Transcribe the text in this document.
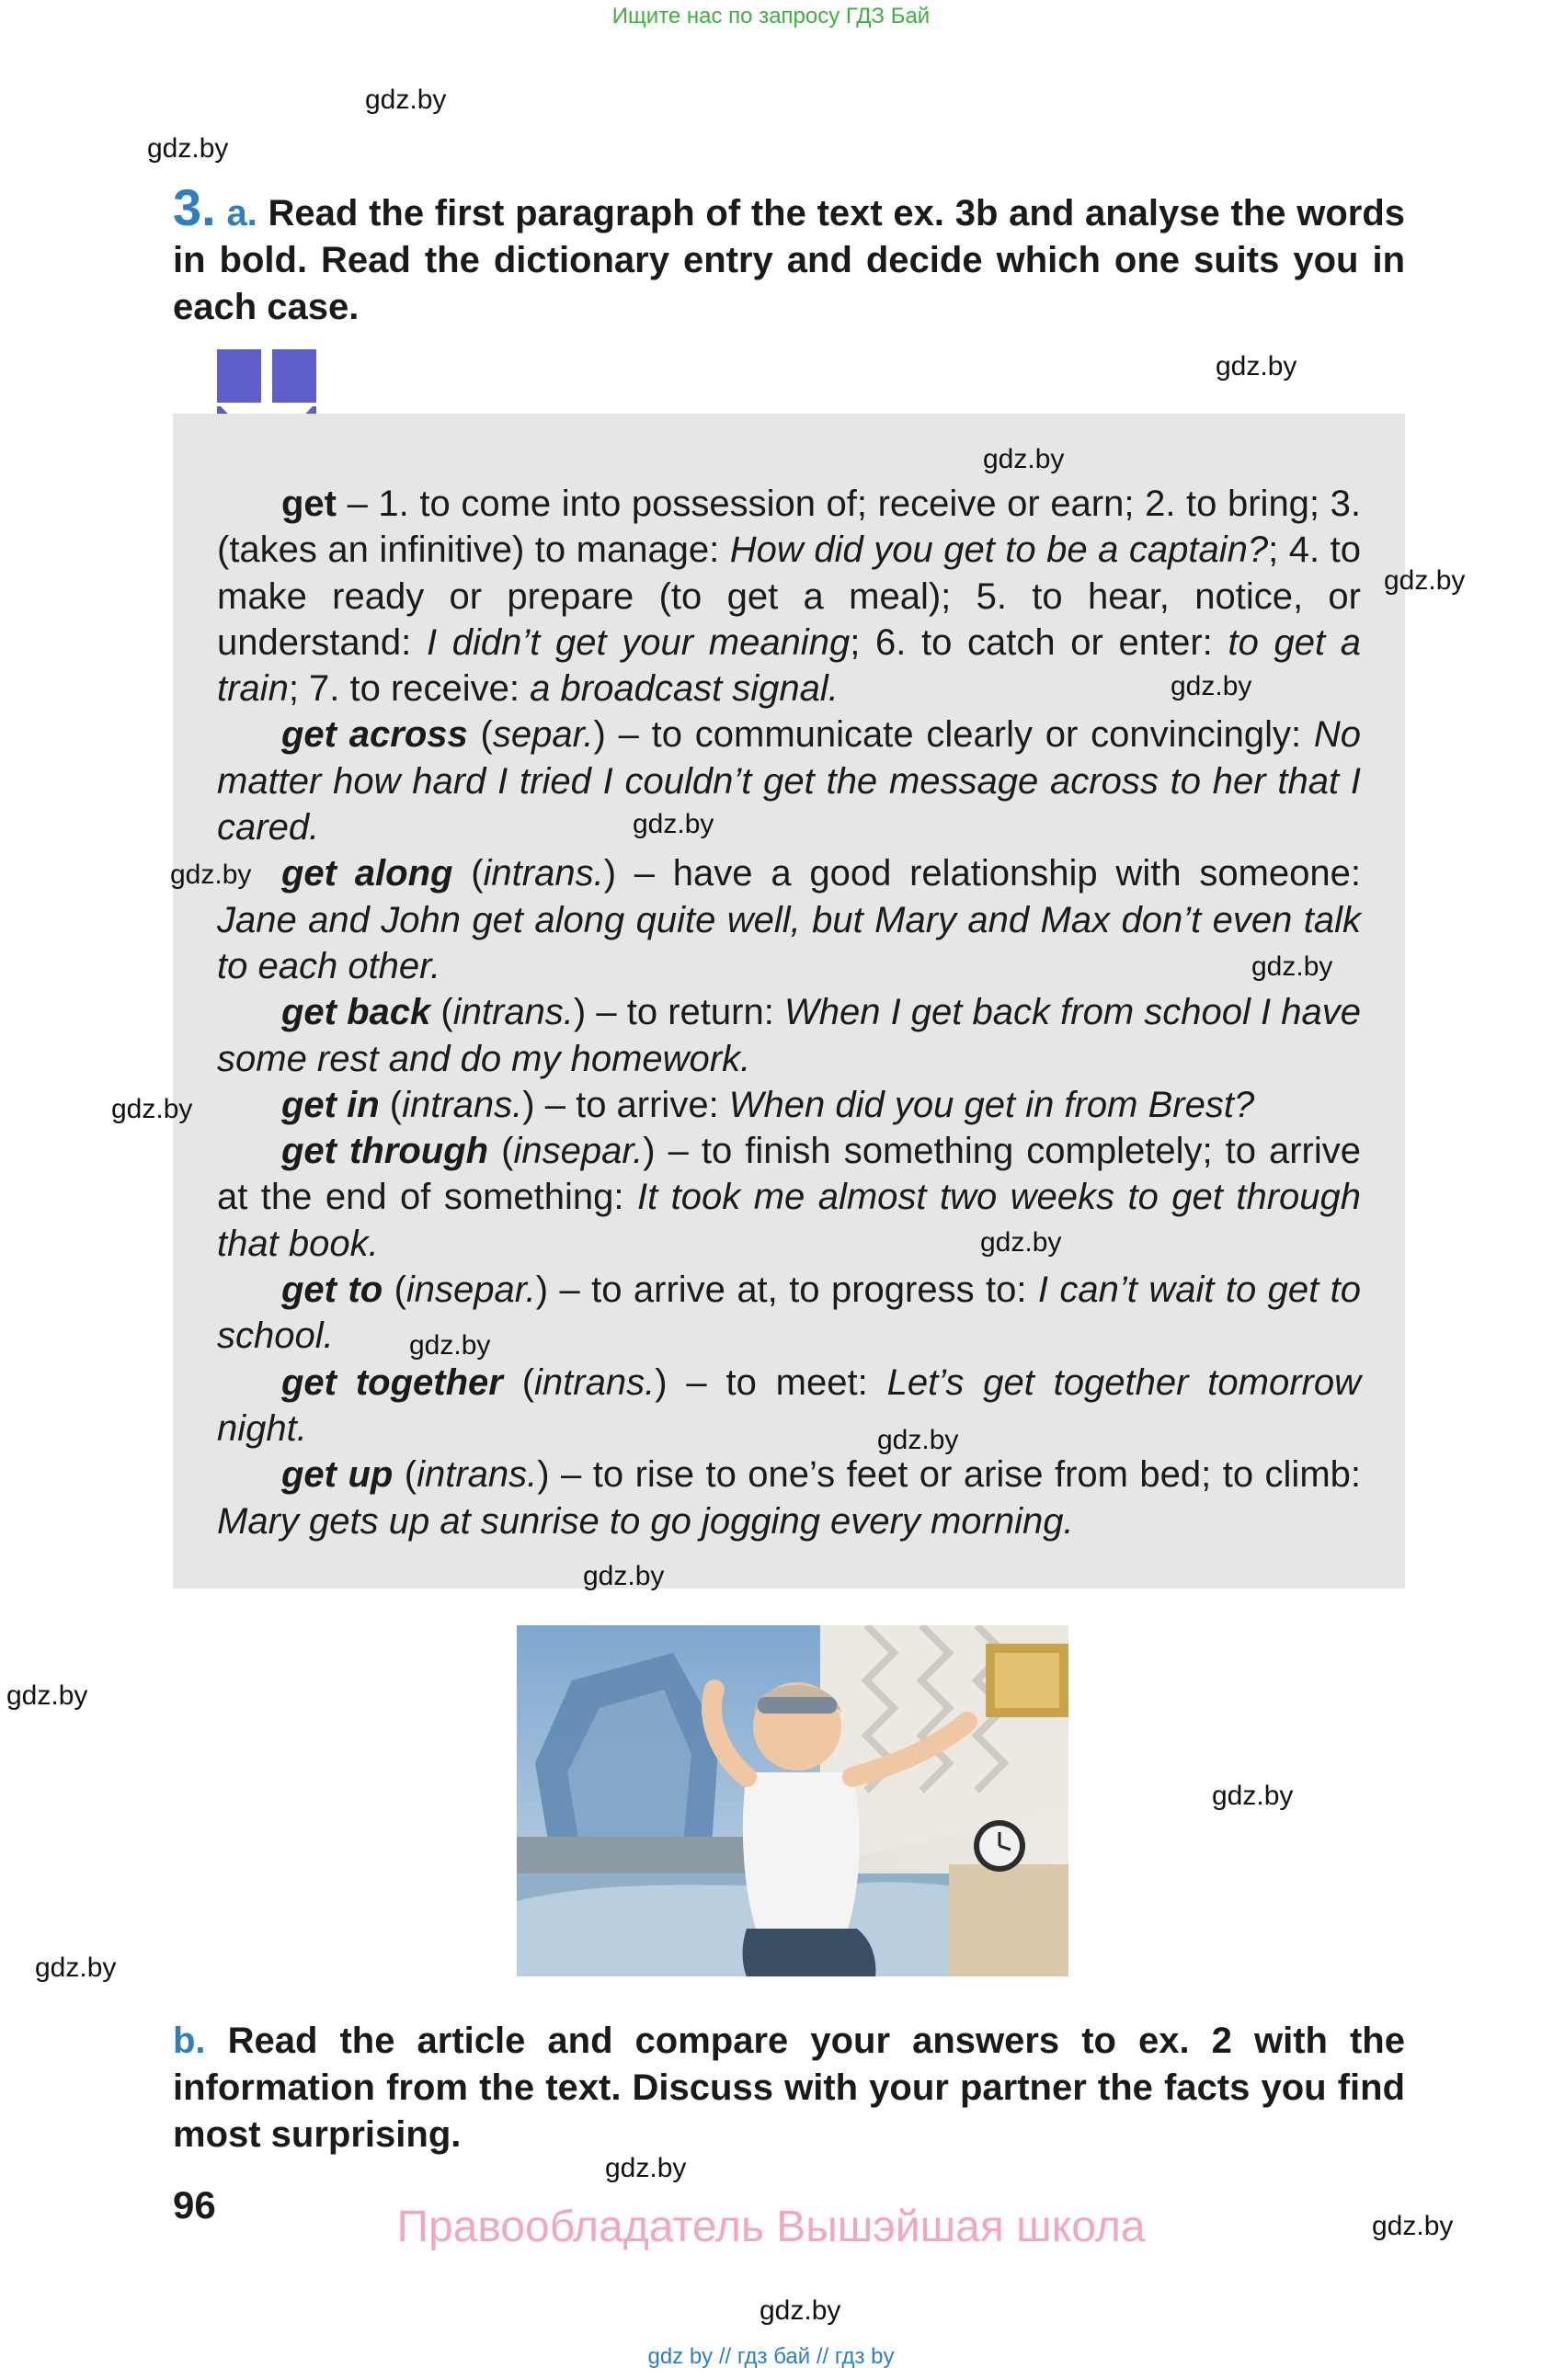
Ищите нас по запросу ГДЗ Бай
gdz.by
gdz.by
3. a. Read the first paragraph of the text ex. 3b and analyse the words in bold. Read the dictionary entry and decide which one suits you in each case.
gdz.by

get – 1. to come into possession of; receive or earn; 2. to bring; 3. (takes an infinitive) to manage: How did you get to be a captain?; 4. to make ready or prepare (to get a meal); 5. to hear, notice, or understand: I didn’t get your meaning; 6. to catch or enter: to get a train; 7. to receive: a broadcast signal.

get across (separ.) – to communicate clearly or convincingly: No matter how hard I tried I couldn’t get the message across to her that I cared.

get along (intrans.) – have a good relationship with someone: Jane and John get along quite well, but Mary and Max don’t even talk to each other.

get back (intrans.) – to return: When I get back from school I have some rest and do my homework.

get in (intrans.) – to arrive: When did you get in from Brest?

get through (insepar.) – to finish something completely; to arrive at the end of something: It took me almost two weeks to get through that book.

get to (insepar.) – to arrive at, to progress to: I can’t wait to get to school.

get together (intrans.) – to meet: Let’s get together tomorrow night.

get up (intrans.) – to rise to one’s feet or arise from bed; to climb: Mary gets up at sunrise to go jogging every morning.

gdz.by
gdz.by
gdz.by
gdz.by
gdz.by
gdz.by
gdz.by
gdz.by
gdz.by
gdz.by
gdz.by
gdz.by
gdz.by
gdz.by
b. Read the article and compare your answers to ex. 2 with the information from the text. Discuss with your partner the facts you find most surprising.
gdz.by
96	Правообладатель Вышэйшая школа	gdz.by
gdz.by
gdz by // гдз бай // гдз by
